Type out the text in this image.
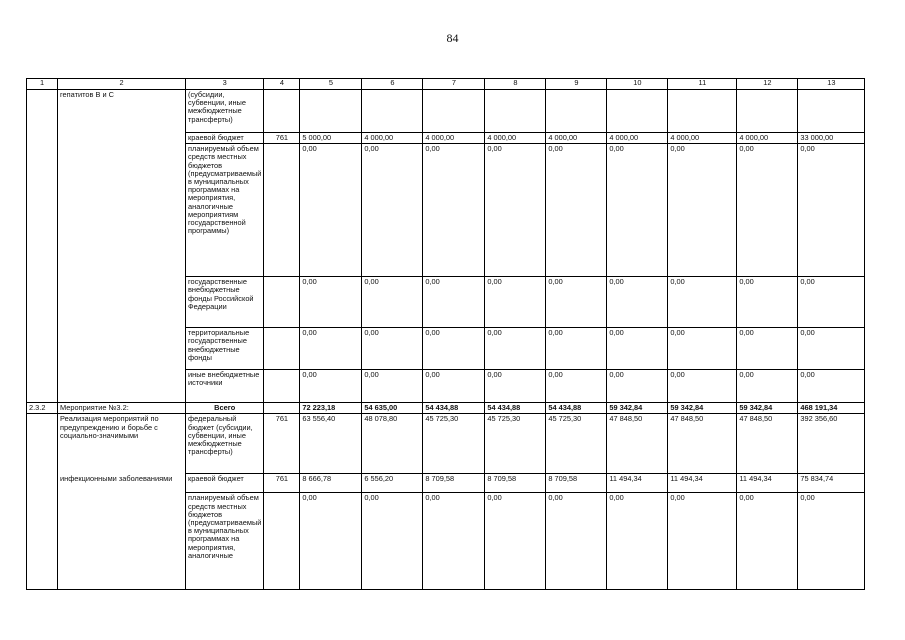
84
1	2	3	4	5	6	7	8	9	10	11	12	13
	гепатитов В и С	(субсидии, субвенции, иные межбюджетные трансферты)										
		краевой бюджет	761	5 000,00	4 000,00	4 000,00	4 000,00	4 000,00	4 000,00	4 000,00	4 000,00	33 000,00
		планируемый объем средств местных бюджетов (предусматриваемый в муниципальных программах на мероприятия, аналогичные мероприятиям государственной программы)		0,00	0,00	0,00	0,00	0,00	0,00	0,00	0,00	0,00
		государственные внебюджетные фонды Российской Федерации		0,00	0,00	0,00	0,00	0,00	0,00	0,00	0,00	0,00
		территориальные государственные внебюджетные фонды		0,00	0,00	0,00	0,00	0,00	0,00	0,00	0,00	0,00
		иные внебюджетные источники		0,00	0,00	0,00	0,00	0,00	0,00	0,00	0,00	0,00
2.3.2	Мероприятие №3.2:	Всего		72 223,18	54 635,00	54 434,88	54 434,88	54 434,88	59 342,84	59 342,84	59 342,84	468 191,34
	Реализация мероприятий по предупреждению и борьбе с социально-значимыми	федеральный бюджет (субсидии, субвенции, иные межбюджетные трансферты)	761	63 556,40	48 078,80	45 725,30	45 725,30	45 725,30	47 848,50	47 848,50	47 848,50	392 356,60
	инфекционными заболеваниями	краевой бюджет	761	8 666,78	6 556,20	8 709,58	8 709,58	8 709,58	11 494,34	11 494,34	11 494,34	75 834,74
		планируемый объем средств местных бюджетов (предусматриваемый в муниципальных программах на мероприятия, аналогичные		0,00	0,00	0,00	0,00	0,00	0,00	0,00	0,00	0,00
